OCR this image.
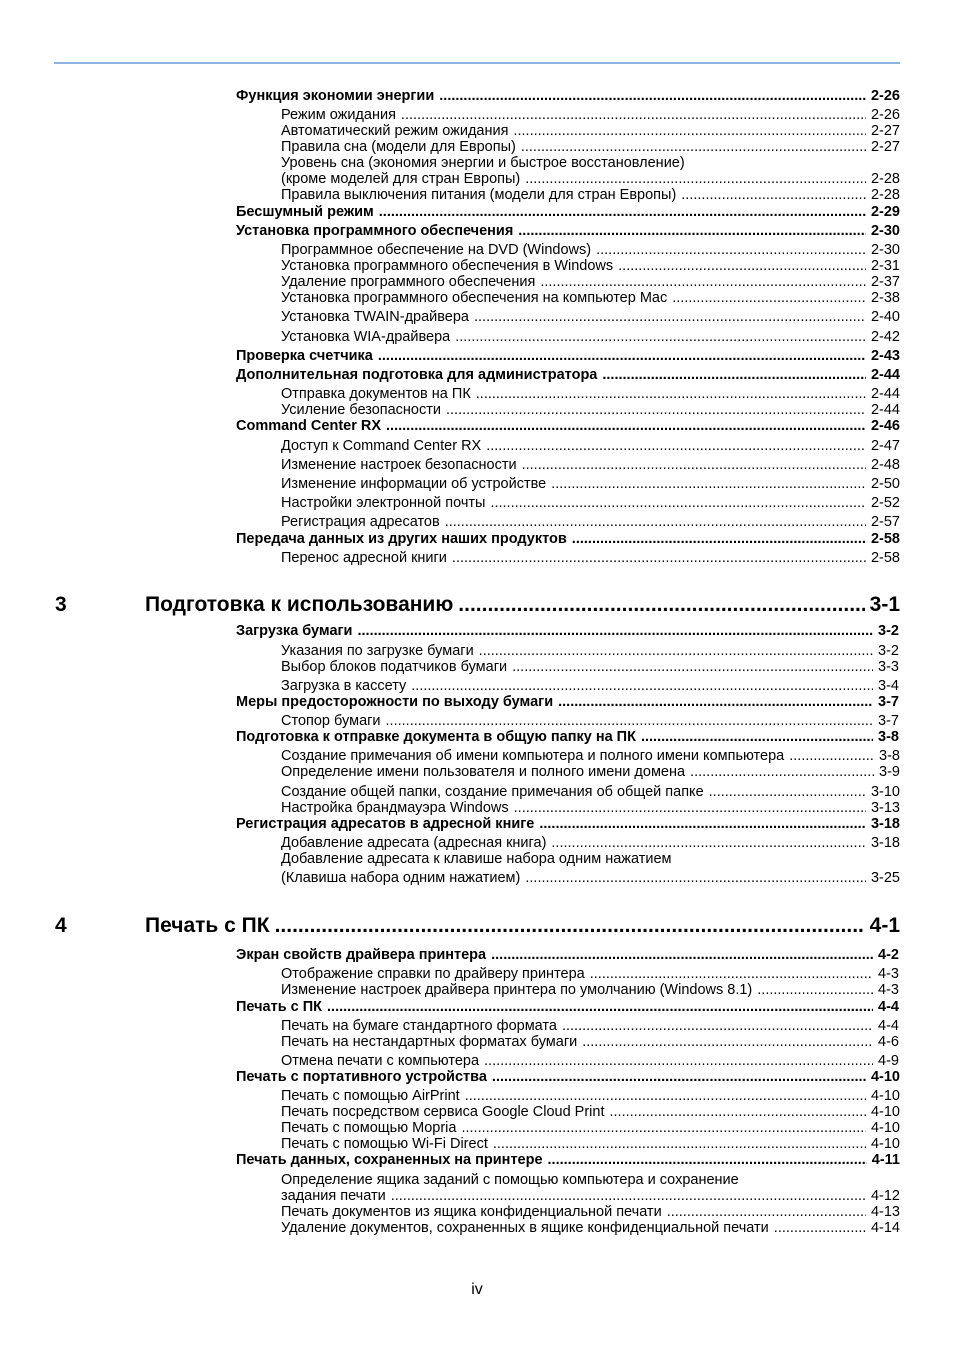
Функция экономии энергии .....	2-26
Режим ожидания .....	2-26
Автоматический режим ожидания .....	2-27
Правила сна (модели для Европы) .....	2-27
Уровень сна (экономия энергии и быстрое восстановление)
(кроме моделей для стран Европы) .....	2-28
Правила выключения питания (модели для стран Европы) .....	2-28
Бесшумный режим .....	2-29
Установка программного обеспечения .....	2-30
Программное обеспечение на DVD (Windows) .....	2-30
Установка программного обеспечения в Windows .....	2-31
Удаление программного обеспечения .....	2-37
Установка программного обеспечения на компьютер Mac .....	2-38
Установка TWAIN-драйвера .....	2-40
Установка WIA-драйвера .....	2-42
Проверка счетчика .....	2-43
Дополнительная подготовка для администратора .....	2-44
Отправка документов на ПК .....	2-44
Усиление безопасности .....	2-44
Command Center RX .....	2-46
Доступ к Command Center RX .....	2-47
Изменение настроек безопасности .....	2-48
Изменение информации об устройстве .....	2-50
Настройки электронной почты .....	2-52
Регистрация адресатов .....	2-57
Передача данных из других наших продуктов .....	2-58
Перенос адресной книги .....	2-58
3	Подготовка к использованию .....	3-1
Загрузка бумаги .....	3-2
Указания по загрузке бумаги .....	3-2
Выбор блоков податчиков бумаги .....	3-3
Загрузка в кассету .....	3-4
Меры предосторожности по выходу бумаги .....	3-7
Стопор бумаги .....	3-7
Подготовка к отправке документа в общую папку на ПК .....	3-8
Создание примечания об имени компьютера и полного имени компьютера .....	3-8
Определение имени пользователя и полного имени домена .....	3-9
Создание общей папки, создание примечания об общей папке .....	3-10
Настройка брандмауэра Windows .....	3-13
Регистрация адресатов в адресной книге .....	3-18
Добавление адресата (адресная книга) .....	3-18
Добавление адресата к клавише набора одним нажатием
(Клавиша набора одним нажатием) .....	3-25
4	Печать с ПК .....	4-1
Экран свойств драйвера принтера .....	4-2
Отображение справки по драйверу принтера .....	4-3
Изменение настроек драйвера принтера по умолчанию (Windows 8.1) .....	4-3
Печать с ПК .....	4-4
Печать на бумаге стандартного формата .....	4-4
Печать на нестандартных форматах бумаги .....	4-6
Отмена печати с компьютера .....	4-9
Печать с портативного устройства .....	4-10
Печать с помощью AirPrint .....	4-10
Печать посредством сервиса Google Cloud Print .....	4-10
Печать с помощью Mopria .....	4-10
Печать с помощью Wi-Fi Direct .....	4-10
Печать данных, сохраненных на принтере .....	4-11
Определение ящика заданий с помощью компьютера и сохранение
задания печати .....	4-12
Печать документов из ящика конфиденциальной печати .....	4-13
Удаление документов, сохраненных в ящике конфиденциальной печати .....	4-14
iv
